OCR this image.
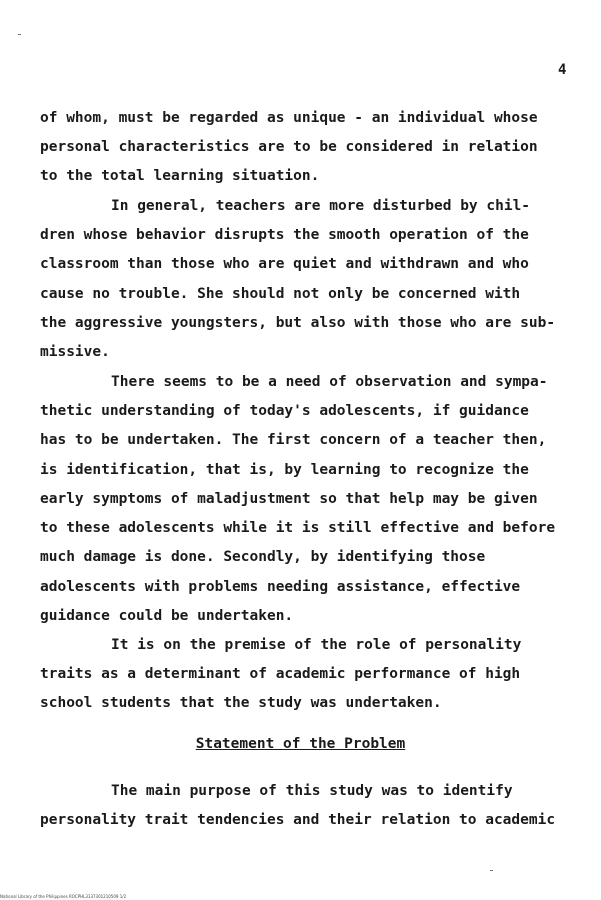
4
of whom, must be regarded as unique - an individual whose
personal characteristics are to be considered in relation
to the total learning situation.
In general, teachers are more disturbed by chil-
dren whose behavior disrupts the smooth operation of the
classroom than those who are quiet and withdrawn and who
cause no trouble. She should not only be concerned with
the aggressive youngsters, but also with those who are sub-
missive.
There seems to be a need of observation and sympa-
thetic understanding of today's adolescents, if guidance
has to be undertaken. The first concern of a teacher then,
is identification, that is, by learning to recognize the
early symptoms of maladjustment so that help may be given
to these adolescents while it is still effective and before
much damage is done. Secondly, by identifying those
adolescents with problems needing assistance, effective
guidance could be undertaken.
It is on the premise of the role of personality
traits as a determinant of academic performance of high
school students that the study was undertaken.
Statement of the Problem
The main purpose of this study was to identify
personality trait tendencies and their relation to academic
National Library of the Philippines ROCPHL3137301210509 1/2
